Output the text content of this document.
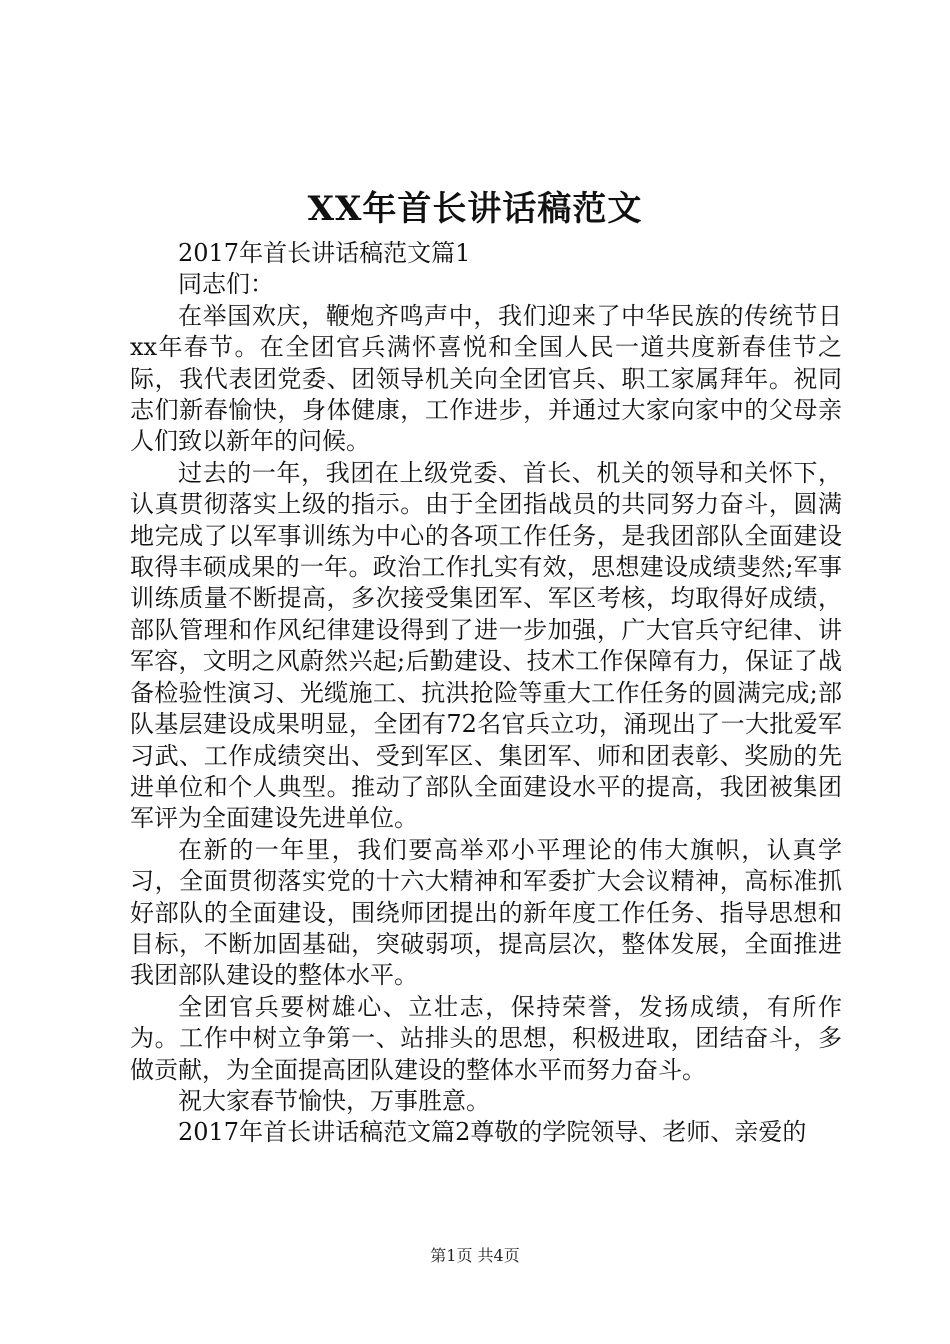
XX年首长讲话稿范文

2017年首长讲话稿范文篇1

同志们：

在举国欢庆，鞭炮齐鸣声中，我们迎来了中华民族的传统节日xx年春节。在全团官兵满怀喜悦和全国人民一道共度新春佳节之际，我代表团党委、团领导机关向全团官兵、职工家属拜年。祝同志们新春愉快，身体健康，工作进步，并通过大家向家中的父母亲人们致以新年的问候。

过去的一年，我团在上级党委、首长、机关的领导和关怀下，认真贯彻落实上级的指示。由于全团指战员的共同努力奋斗，圆满地完成了以军事训练为中心的各项工作任务，是我团部队全面建设取得丰硕成果的一年。政治工作扎实有效，思想建设成绩斐然;军事训练质量不断提高，多次接受集团军、军区考核，均取得好成绩，部队管理和作风纪律建设得到了进一步加强，广大官兵守纪律、讲军容，文明之风蔚然兴起;后勤建设、技术工作保障有力，保证了战备检验性演习、光缆施工、抗洪抢险等重大工作任务的圆满完成;部队基层建设成果明显，全团有72名官兵立功，涌现出了一大批爱军习武、工作成绩突出、受到军区、集团军、师和团表彰、奖励的先进单位和个人典型。推动了部队全面建设水平的提高，我团被集团军评为全面建设先进单位。

在新的一年里，我们要高举邓小平理论的伟大旗帜，认真学习，全面贯彻落实党的十六大精神和军委扩大会议精神，高标准抓好部队的全面建设，围绕师团提出的新年度工作任务、指导思想和目标，不断加固基础，突破弱项，提高层次，整体发展，全面推进我团部队建设的整体水平。

全团官兵要树雄心、立壮志，保持荣誉，发扬成绩，有所作为。工作中树立争第一、站排头的思想，积极进取，团结奋斗，多做贡献，为全面提高团队建设的整体水平而努力奋斗。

祝大家春节愉快，万事胜意。

2017年首长讲话稿范文篇2尊敬的学院领导、老师、亲爱的

第1页 共4页
